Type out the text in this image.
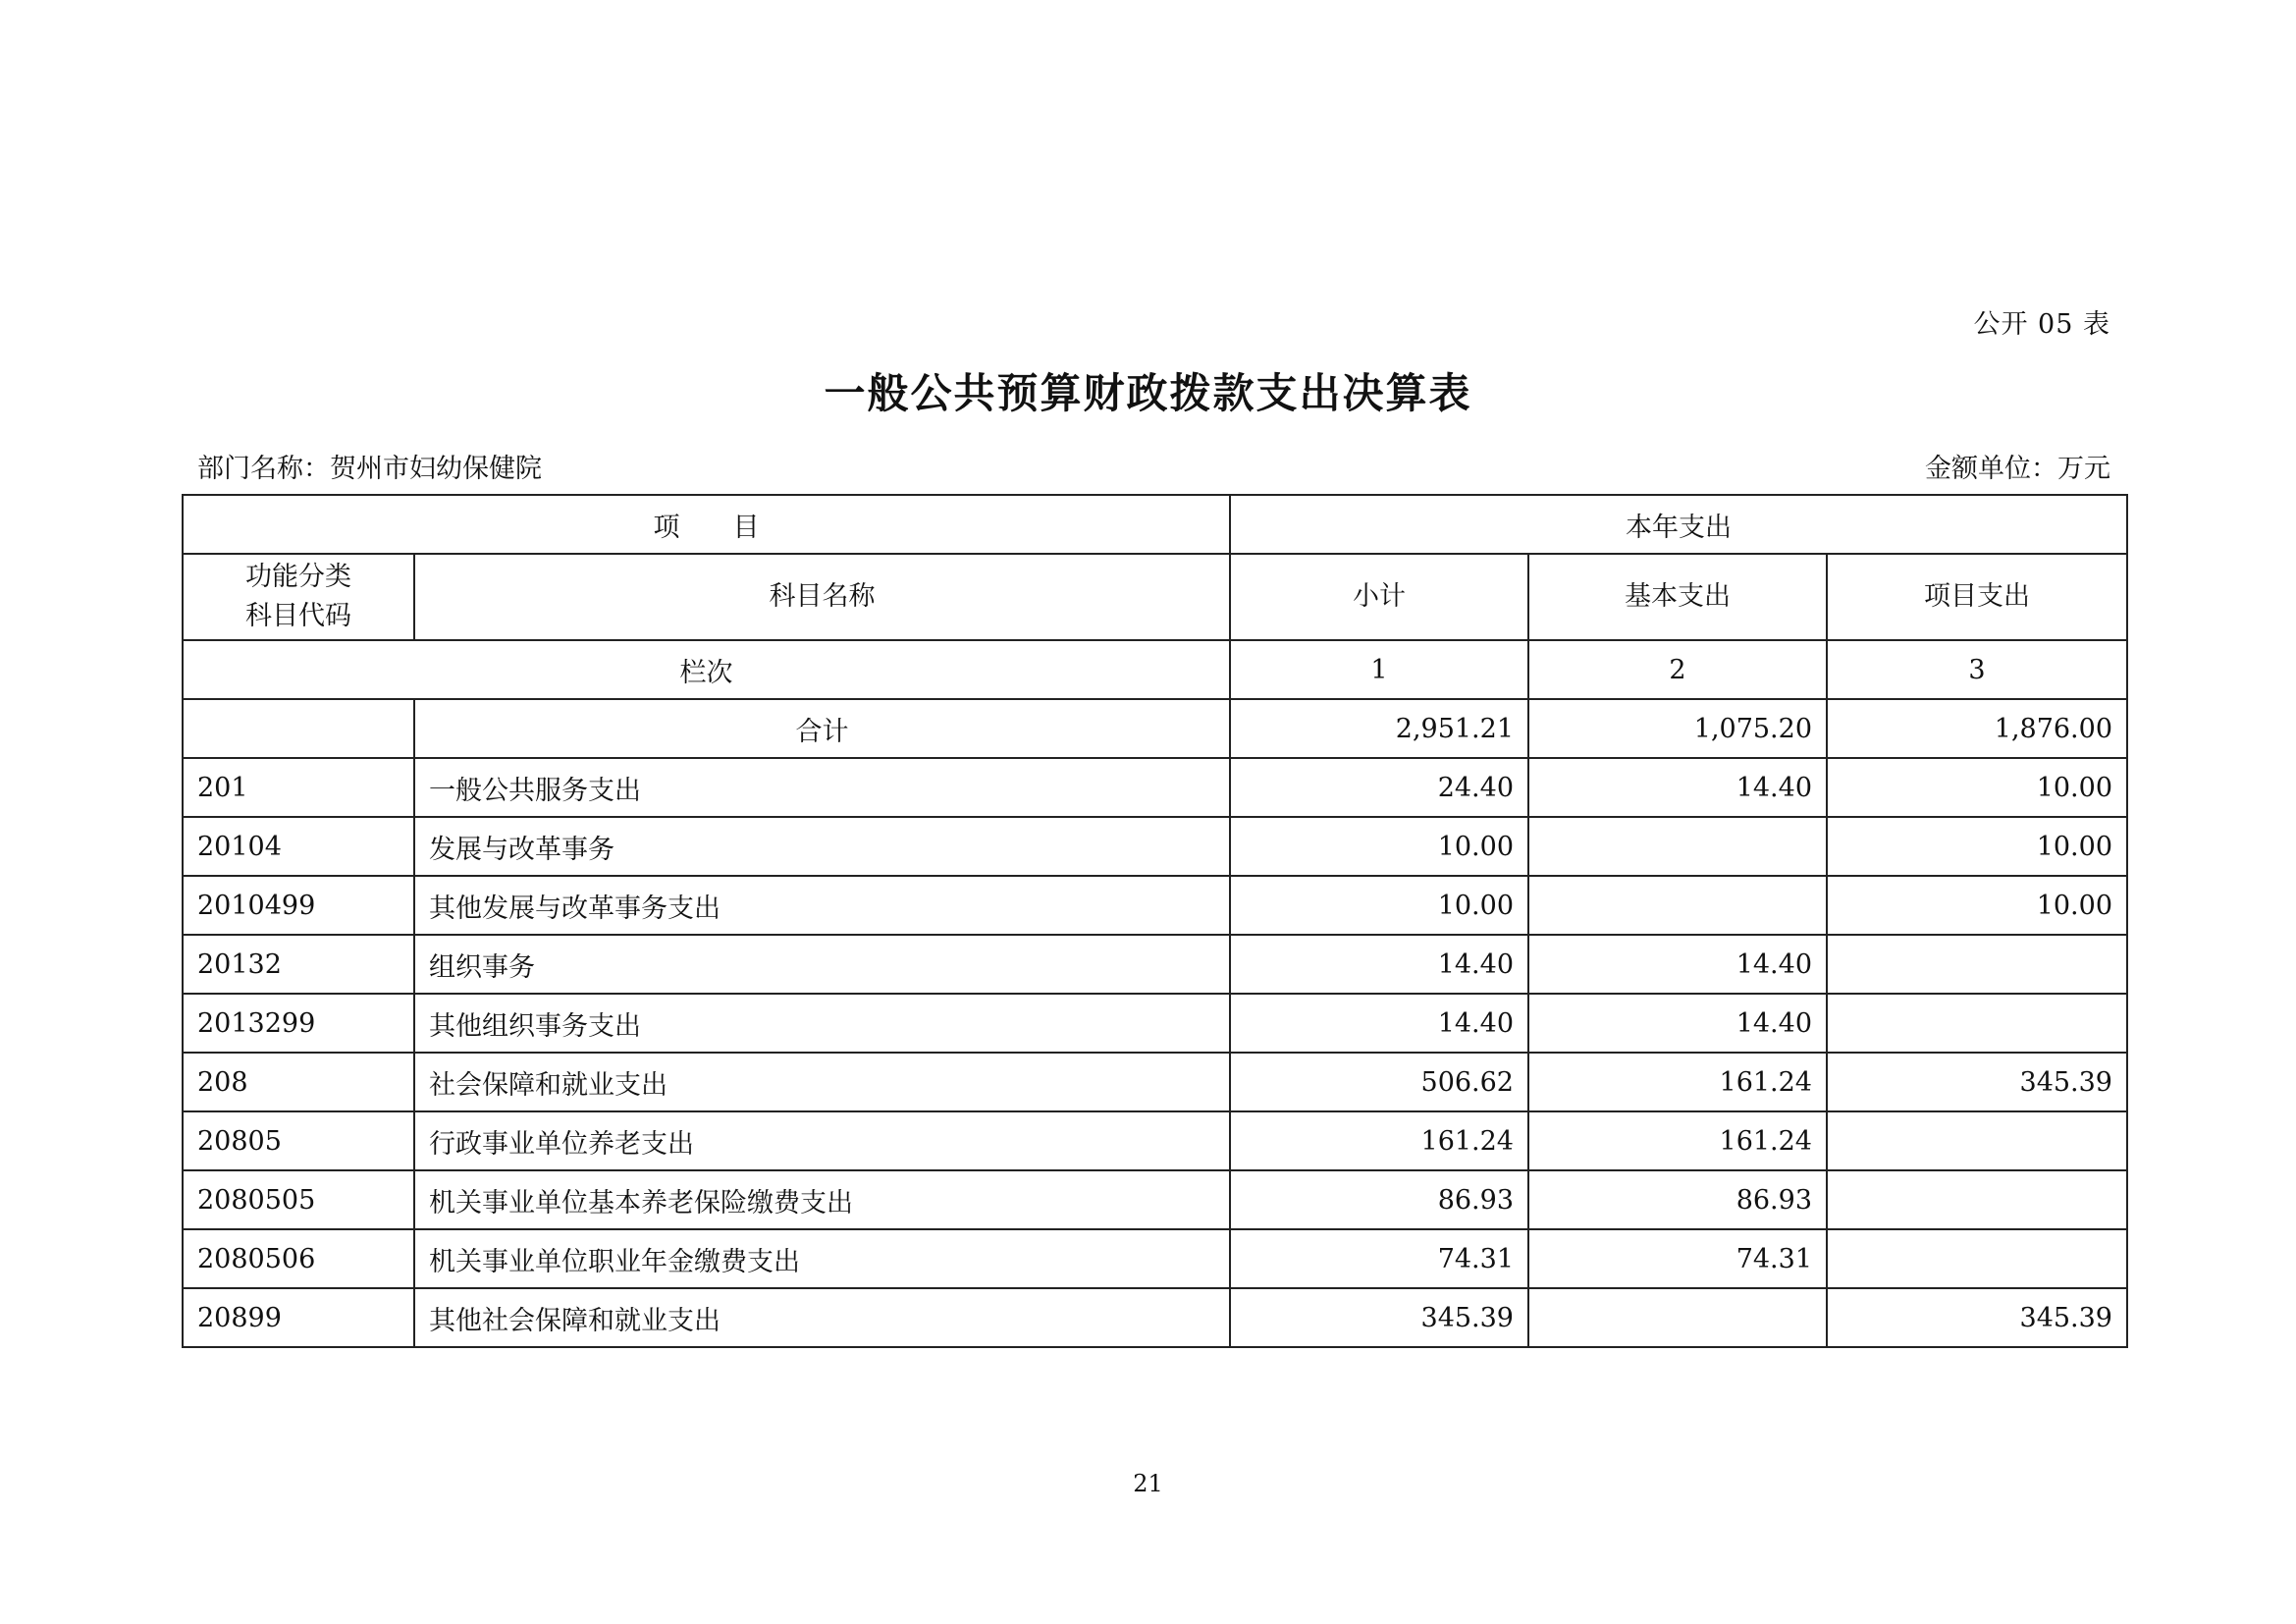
公开 05 表
一般公共预算财政拨款支出决算表
部门名称：贺州市妇幼保健院	金额单位：万元
项　　目		本年支出		

功能分类
科目代码	科目名称	小计	基本支出	项目支出
栏次		1	2	3
	合计	2,951.21	1,075.20	1,876.00
201	一般公共服务支出	24.40	14.40	10.00
20104	发展与改革事务	10.00		10.00
2010499	其他发展与改革事务支出	10.00		10.00
20132	组织事务	14.40	14.40	
2013299	其他组织事务支出	14.40	14.40	
208	社会保障和就业支出	506.62	161.24	345.39
20805	行政事业单位养老支出	161.24	161.24	
2080505	机关事业单位基本养老保险缴费支出	86.93	86.93	
2080506	机关事业单位职业年金缴费支出	74.31	74.31	
20899	其他社会保障和就业支出	345.39		345.39
21
